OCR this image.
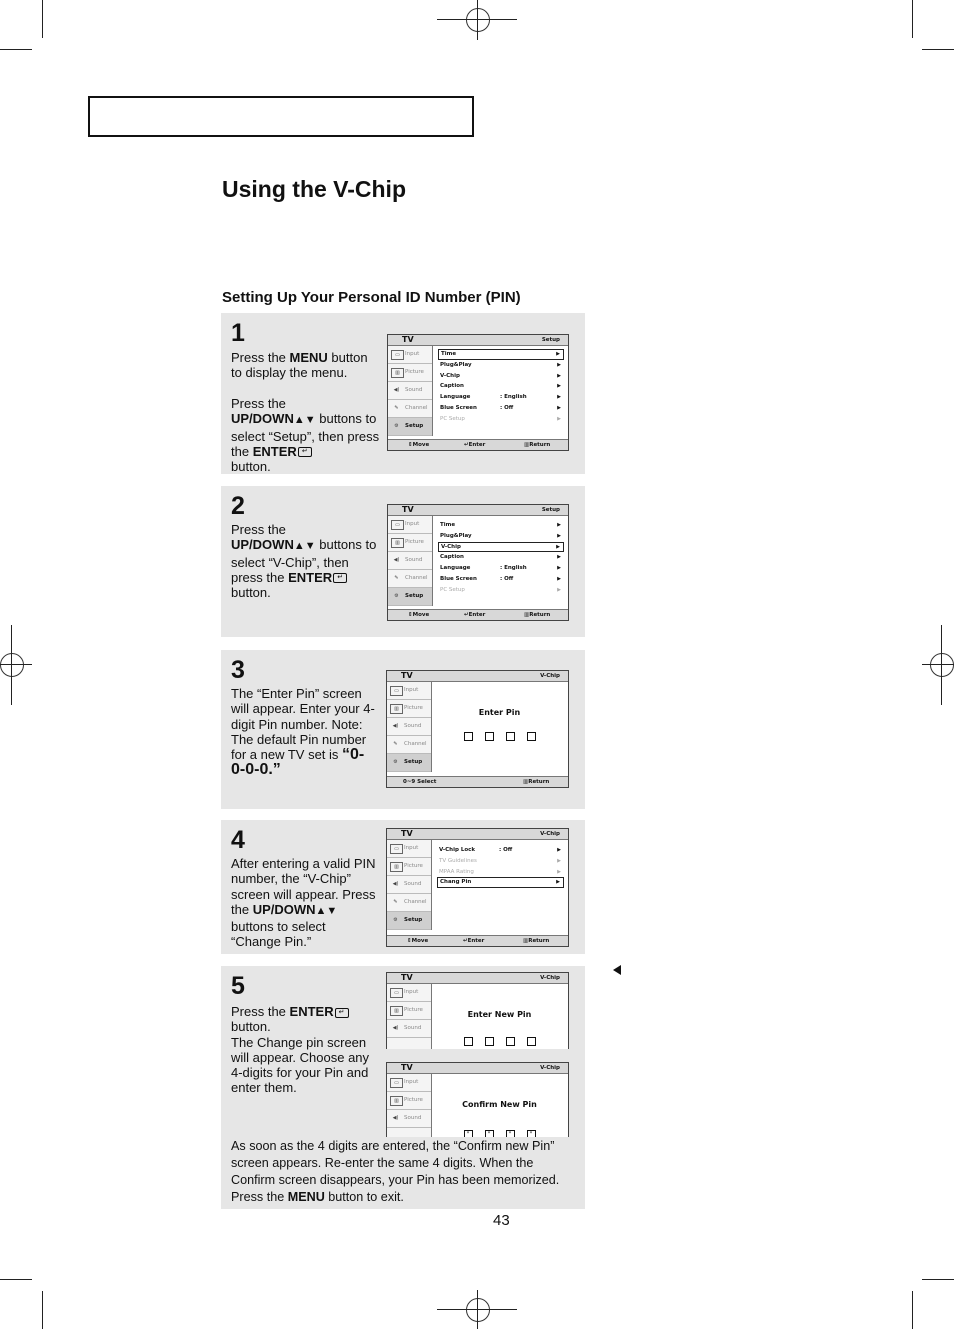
Using the V-Chip
Setting Up Your Personal ID Number (PIN)
1
Press the MENU button to display the menu.
Press the
UP/DOWN▲▼ buttons to select “Setup”, then press the ENTER ↵
button.
TV	Setup
▭ Input
▥ Picture
◀)	Sound
✎	Channel
⚙	Setup
Time	▶
Plug&Play	▶
V-Chip	▶
Caption	▶
Language	: English	▶
Blue Screen	: Off	▶
PC Setup	▶
⇕ Move	↵ Enter	▥ Return
2
Press the
UP/DOWN▲▼ buttons to select “V-Chip”, then press the ENTER ↵
button.
TV	Setup
▭ Input
▥ Picture
◀)	Sound
✎	Channel
⚙	Setup
Time	▶
Plug&Play	▶
V-Chip	▶
Caption	▶
Language	: English	▶
Blue Screen	: Off	▶
PC Setup	▶
⇕ Move	↵ Enter	▥ Return
3
The “Enter Pin” screen will appear. Enter your 4-digit Pin number. Note: The default Pin number for a new TV set is “0-0-0-0.”
TV	V-Chip
▭ Input
▥ Picture
◀)	Sound
✎	Channel
⚙	Setup
Enter Pin
0~9 Select	▥ Return
4
After entering a valid PIN number, the “V-Chip” screen will appear. Press the UP/DOWN▲▼ buttons to select “Change Pin.”
TV	V-Chip
▭ Input
▥ Picture
◀)	Sound
✎	Channel
⚙	Setup
V-Chip Lock	: Off	▶
TV Guidelines	▶
MPAA Rating	▶
Chang Pin	▶
⇕ Move	↵ Enter	▥ Return
5
Press the ENTER ↵
button.
The Change pin screen will appear. Choose any 4-digits for your Pin and enter them.
TV	V-Chip
▭ Input
▥ Picture
◀)	Sound
Enter New Pin
TV	V-Chip
▭ Input
▥ Picture
◀)	Sound
Confirm New Pin
*	*	*	*
As soon as the 4 digits are entered, the “Confirm new Pin” screen appears. Re-enter the same 4 digits. When the Confirm screen disappears, your Pin has been memorized. Press the MENU button to exit.
43
